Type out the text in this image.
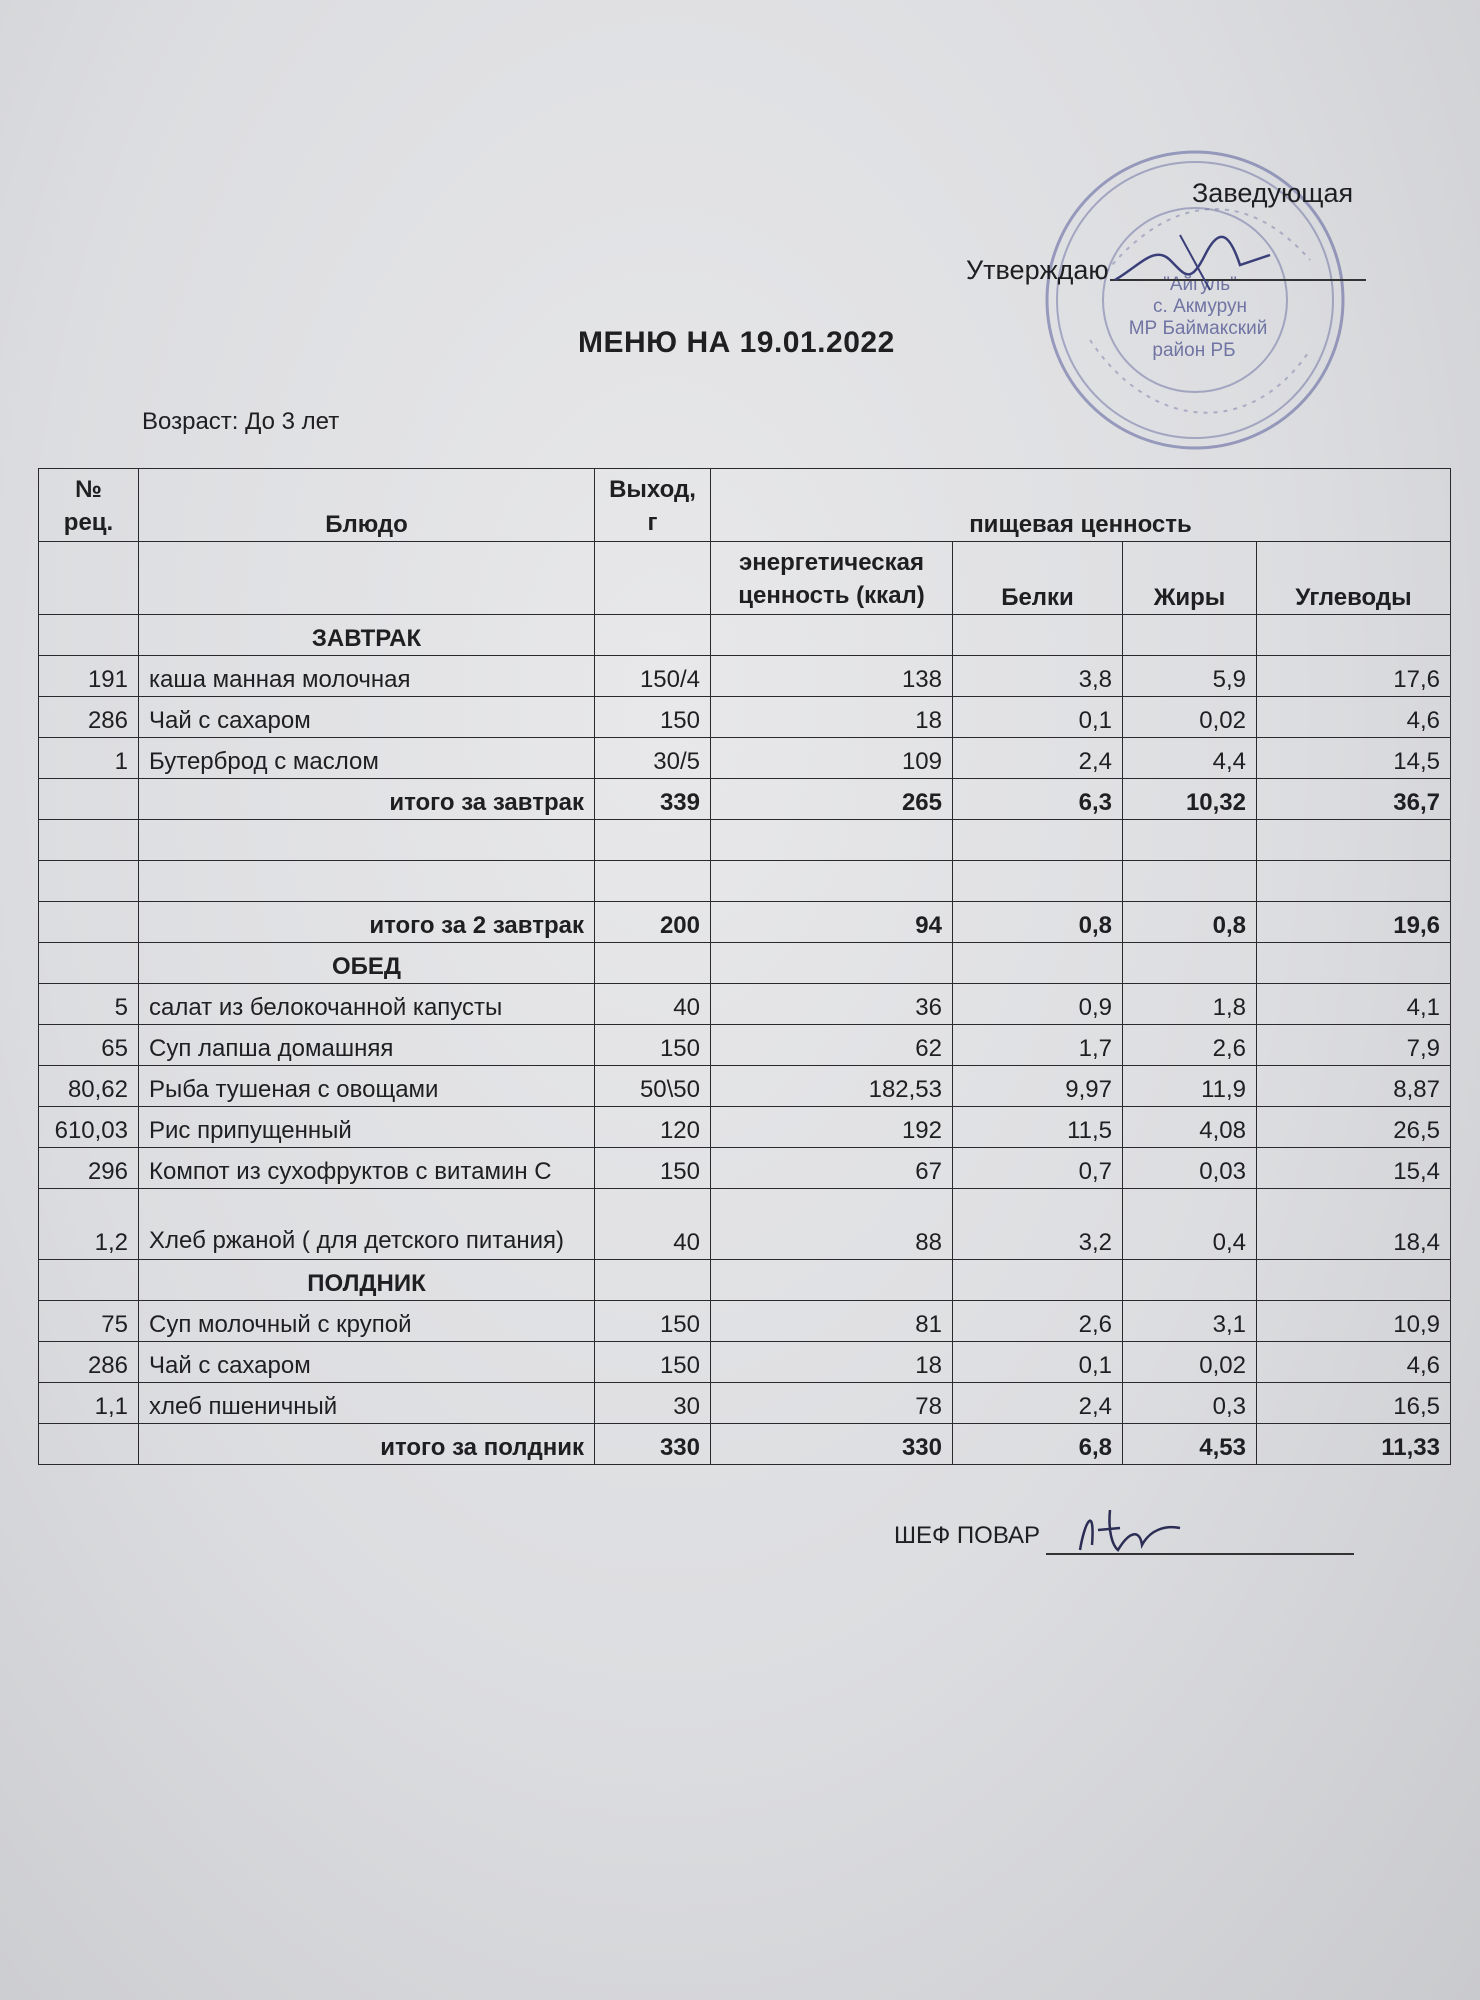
"Айгуль"
с. Акмурун
МР Баймакский
район РБ
Заведующая
Утверждаю
МЕНЮ НА 19.01.2022
Возраст: До 3 лет
№ рец.	Блюдо	Выход, г	пищевая ценность			
			энергетическая ценность (ккал)	Белки	Жиры	Углеводы
	ЗАВТРАК					
191	каша манная молочная	150/4	138	3,8	5,9	17,6
286	Чай с сахаром	150	18	0,1	0,02	4,6
1	Бутерброд с маслом	30/5	109	2,4	4,4	14,5
	итого за завтрак	339	265	6,3	10,32	36,7

	итого за 2 завтрак	200	94	0,8	0,8	19,6
	ОБЕД					
5	салат из белокочанной капусты	40	36	0,9	1,8	4,1
65	Суп лапша домашняя	150	62	1,7	2,6	7,9
80,62	Рыба тушеная с овощами	50\50	182,53	9,97	11,9	8,87
610,03	Рис припущенный	120	192	11,5	4,08	26,5
296	Компот из сухофруктов с витамин С	150	67	0,7	0,03	15,4
1,2	Хлеб ржаной ( для детского питания)	40	88	3,2	0,4	18,4
	ПОЛДНИК					
75	Суп молочный с крупой	150	81	2,6	3,1	10,9
286	Чай с сахаром	150	18	0,1	0,02	4,6
1,1	хлеб пшеничный	30	78	2,4	0,3	16,5
	итого за полдник	330	330	6,8	4,53	11,33
ШЕФ ПОВАР
